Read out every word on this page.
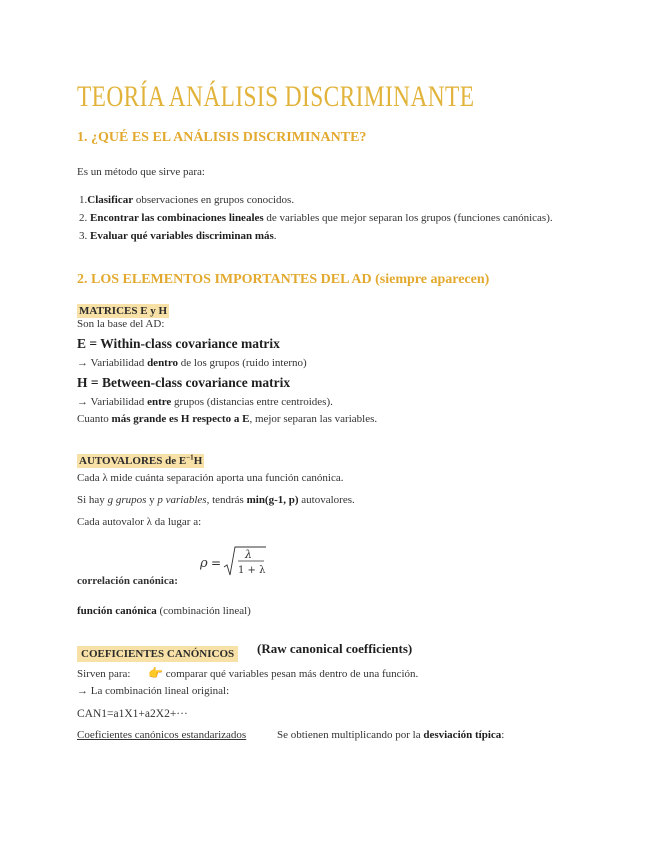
TEORÍA ANÁLISIS DISCRIMINANTE
1. ¿QUÉ ES EL ANÁLISIS DISCRIMINANTE?
Es un método que sirve para:
1.Clasificar observaciones en grupos conocidos.
2. Encontrar las combinaciones lineales de variables que mejor separan los grupos (funciones canónicas).
3. Evaluar qué variables discriminan más.
2. LOS ELEMENTOS IMPORTANTES DEL AD (siempre aparecen)
MATRICES E y H
Son la base del AD:
E = Within-class covariance matrix
→ Variabilidad dentro de los grupos (ruido interno)
H = Between-class covariance matrix
→ Variabilidad entre grupos (distancias entre centroides).
Cuanto más grande es H respecto a E, mejor separan las variables.
AUTOVALORES de $E^{-1}H$
Cada λ mide cuánta separación aporta una función canónica.
Si hay g grupos y p variables, tendrás min(g-1, p) autovalores.
Cada autovalor λ da lugar a:
ρ =
λ
1 + λ
correlación canónica:
función canónica (combinación lineal)
COEFICIENTES CANÓNICOS	(Raw canonical coefficients)
Sirven para: 👉 comparar qué variables pesan más dentro de una función.
→ La combinación lineal original:
CAN1=a1X1+a2X2+···
Coeficientes canónicos estandarizados	Se obtienen multiplicando por la desviación típica:
